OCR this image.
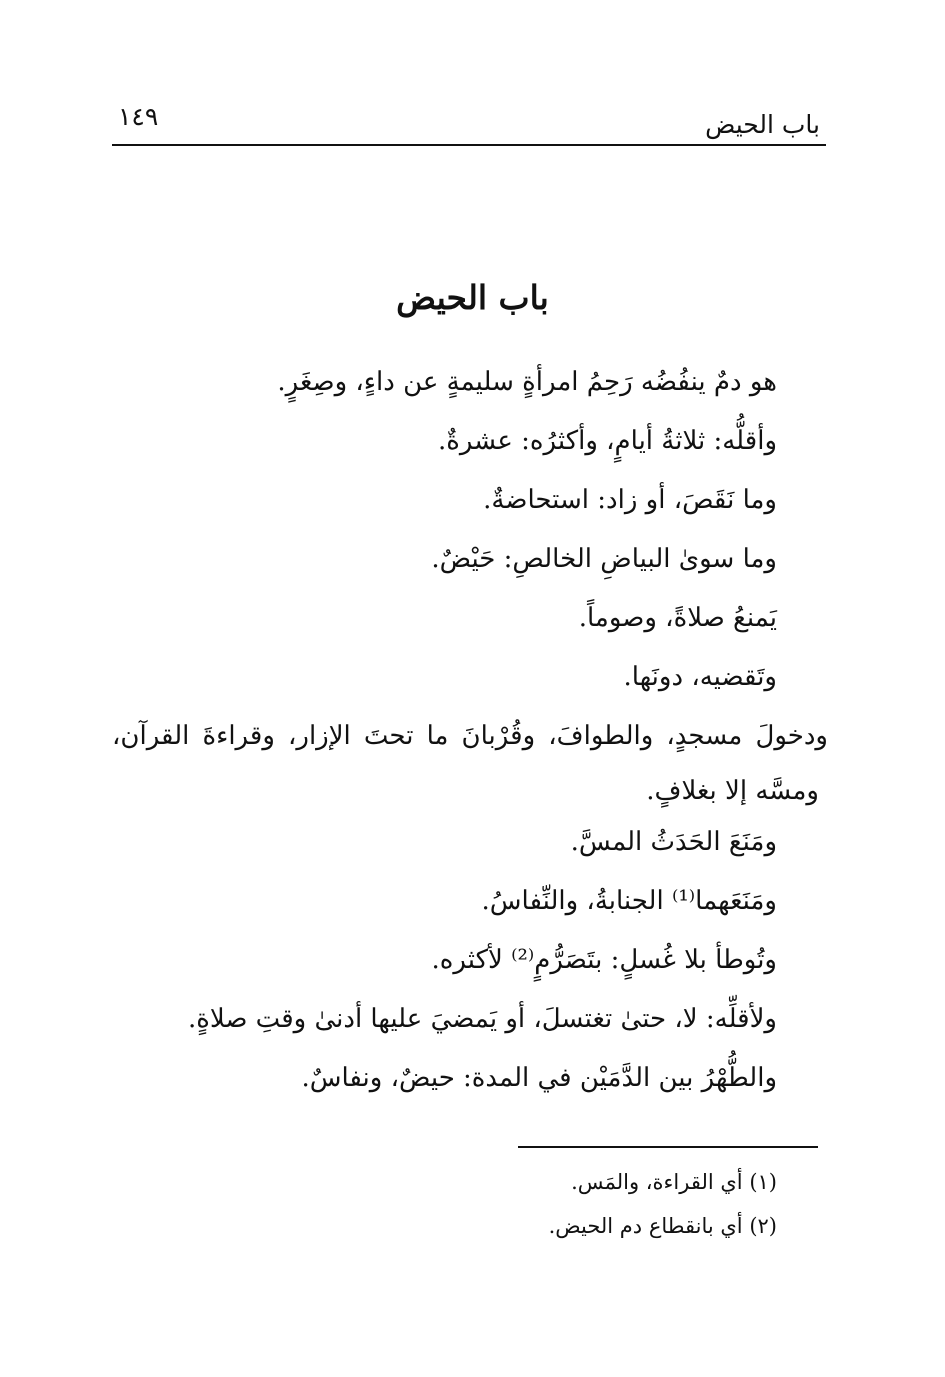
باب الحيض
١٤٩
باب الحيض
هو دمٌ ينفُضُه رَحِمُ امرأةٍ سليمةٍ عن داءٍ، وصِغَرٍ.
وأقلُّه: ثلاثةُ أيامٍ، وأكثرُه: عشرةٌ.
وما نَقَصَ، أو زاد: استحاضةٌ.
وما سوىٰ البياضِ الخالصِ: حَيْضٌ.
يَمنعُ صلاةً، وصوماً.
وتَقضيه، دونَها.
ودخولَ مسجدٍ، والطوافَ، وقُرْبانَ ما تحتَ الإزار، وقراءةَ القرآن،
ومسَّه إلا بغلافٍ.
ومَنَعَ الحَدَثُ المسَّ.
ومَنَعَهما⁽¹⁾ الجنابةُ، والنِّفاسُ.
وتُوطأ بلا غُسلٍ: بتَصَرُّمٍ⁽²⁾ لأكثره.
ولأقلِّه: لا، حتىٰ تغتسلَ، أو يَمضيَ عليها أدنىٰ وقتِ صلاةٍ.
والطُّهْرُ بين الدَّمَيْن في المدة: حيضٌ، ونفاسٌ.
(١) أي القراءة، والمَس.
(٢) أي بانقطاع دم الحيض.
